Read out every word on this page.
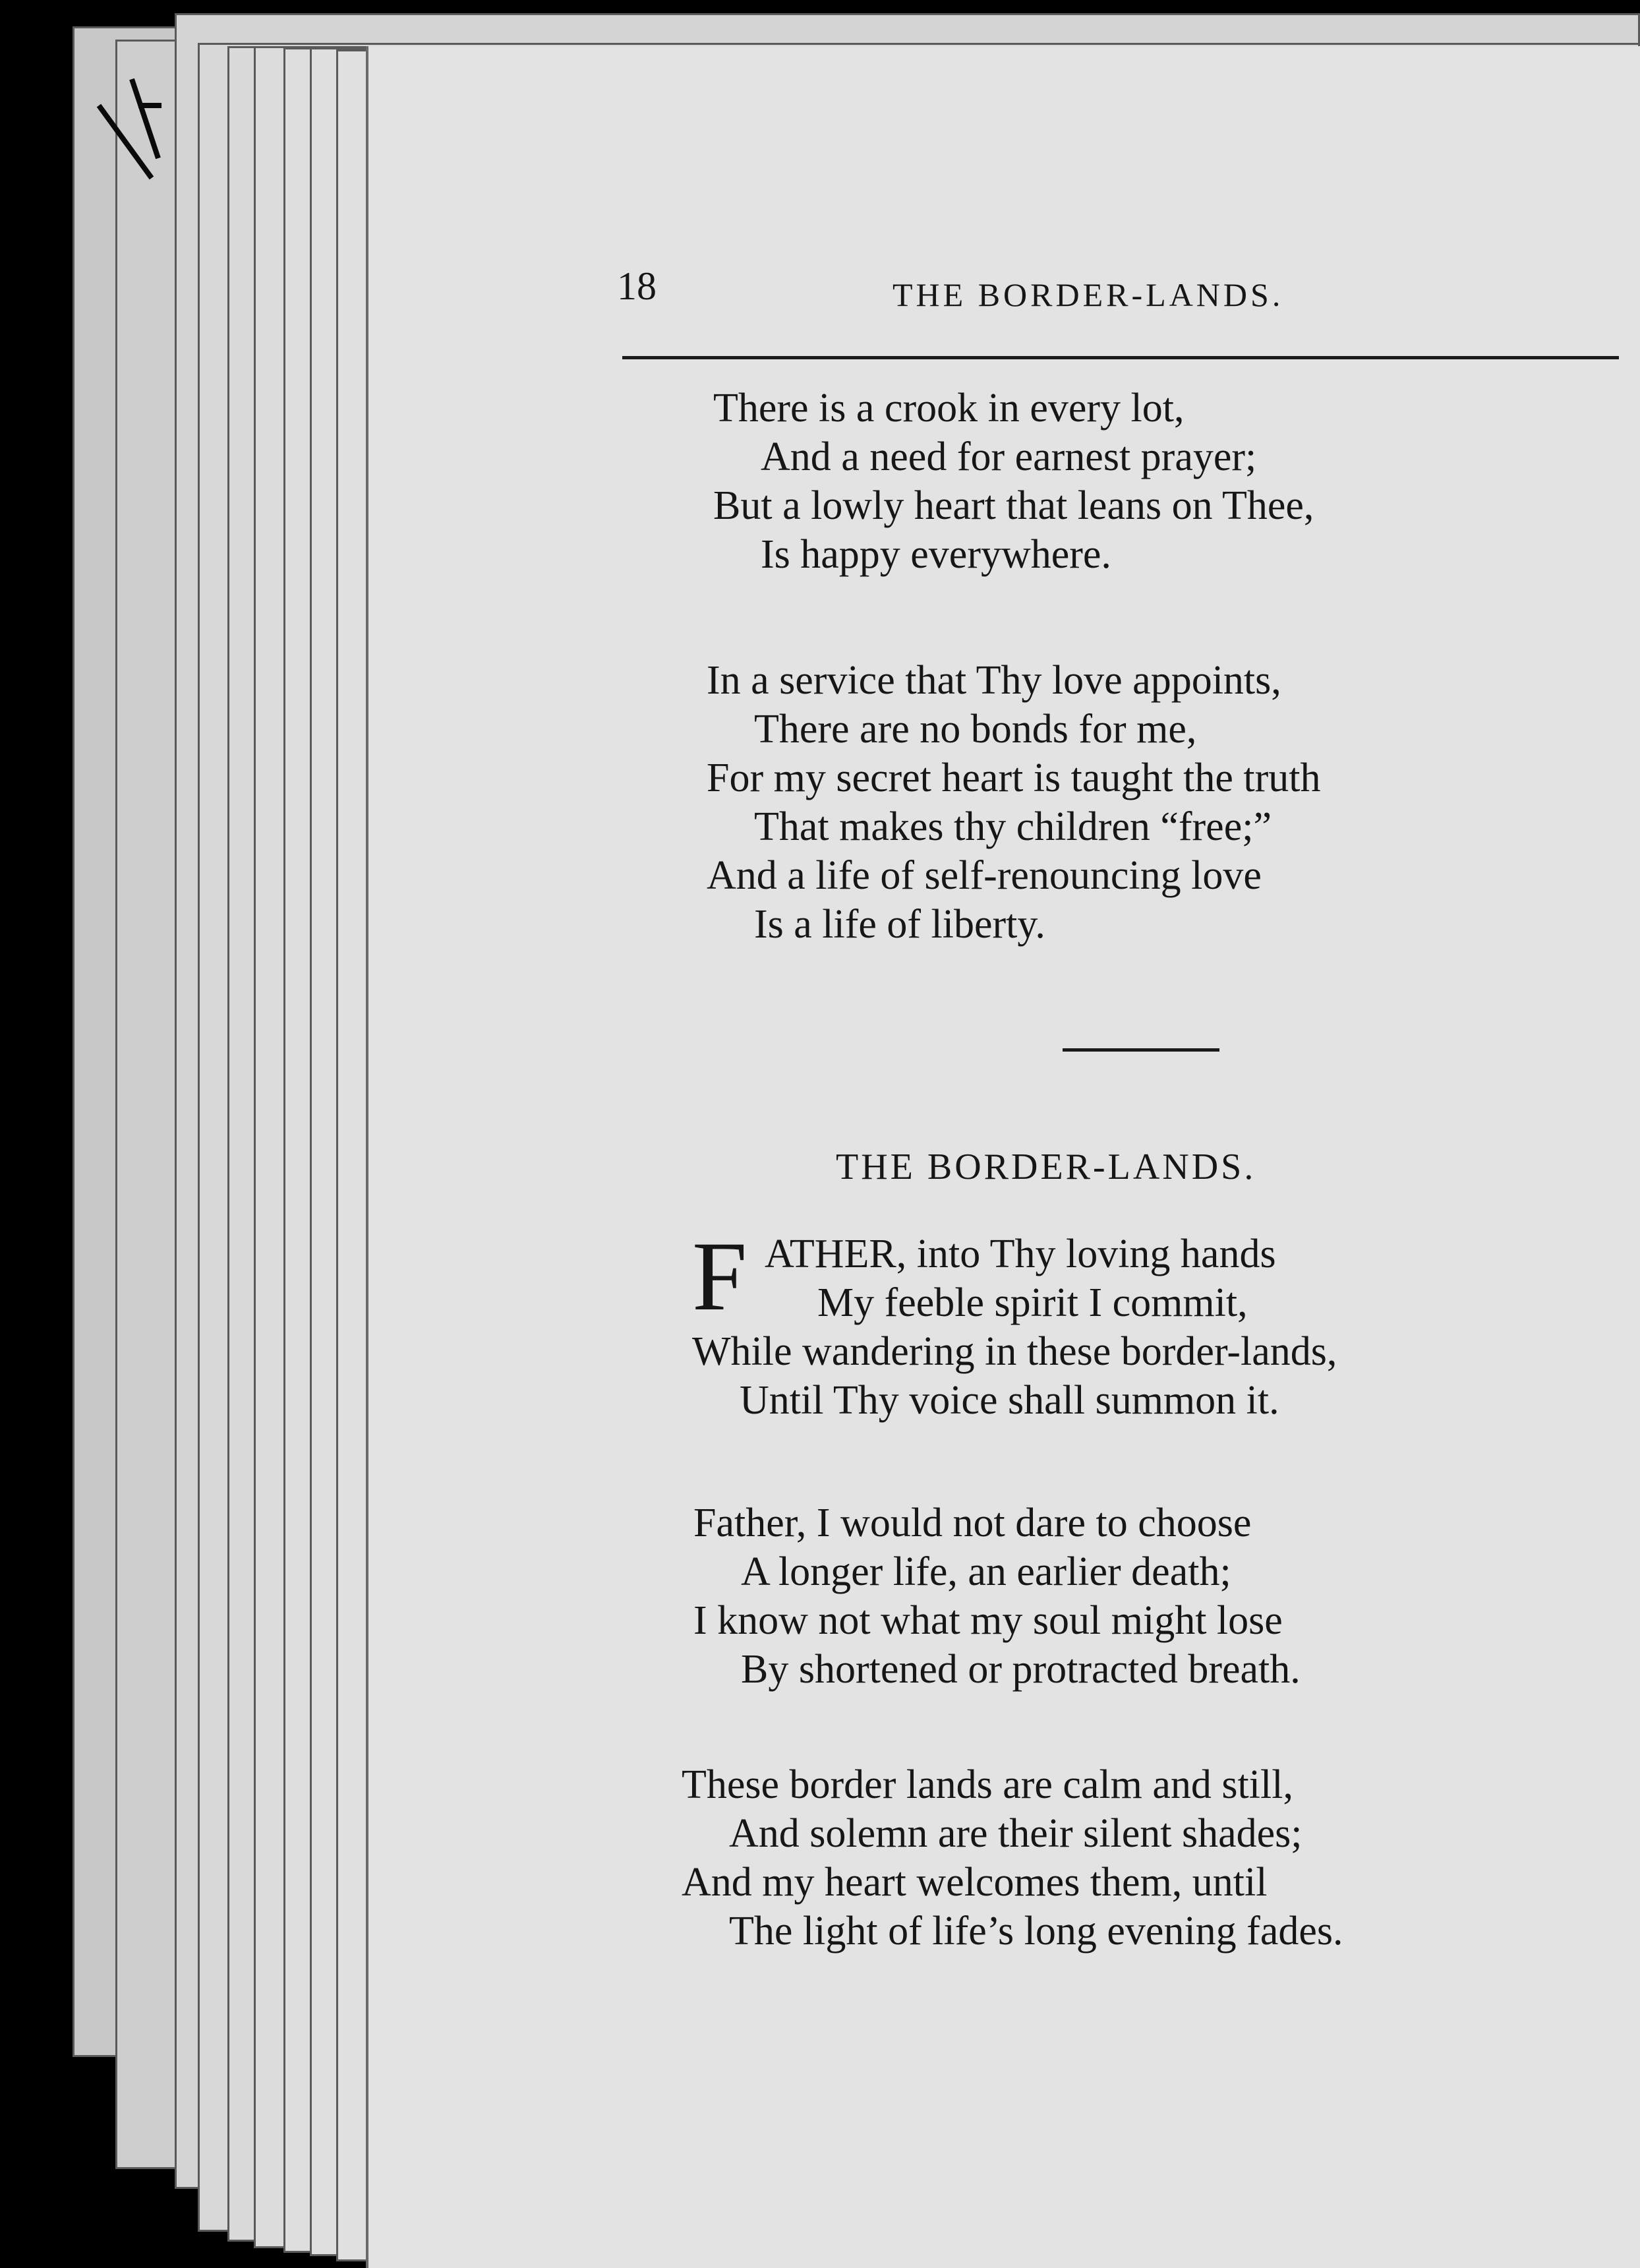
18	THE BORDER-LANDS.
There is a crook in every lot,
And a need for earnest prayer;
But a lowly heart that leans on Thee,
Is happy everywhere.
In a service that Thy love appoints,
There are no bonds for me,
For my secret heart is taught the truth
That makes thy children “free;”
And a life of self-renouncing love
Is a life of liberty.
THE BORDER-LANDS.
F ATHER, into Thy loving hands
My feeble spirit I commit,
While wandering in these border-lands,
Until Thy voice shall summon it.
Father, I would not dare to choose
A longer life, an earlier death;
I know not what my soul might lose
By shortened or protracted breath.
These border lands are calm and still,
And solemn are their silent shades;
And my heart welcomes them, until
The light of life’s long evening fades.
